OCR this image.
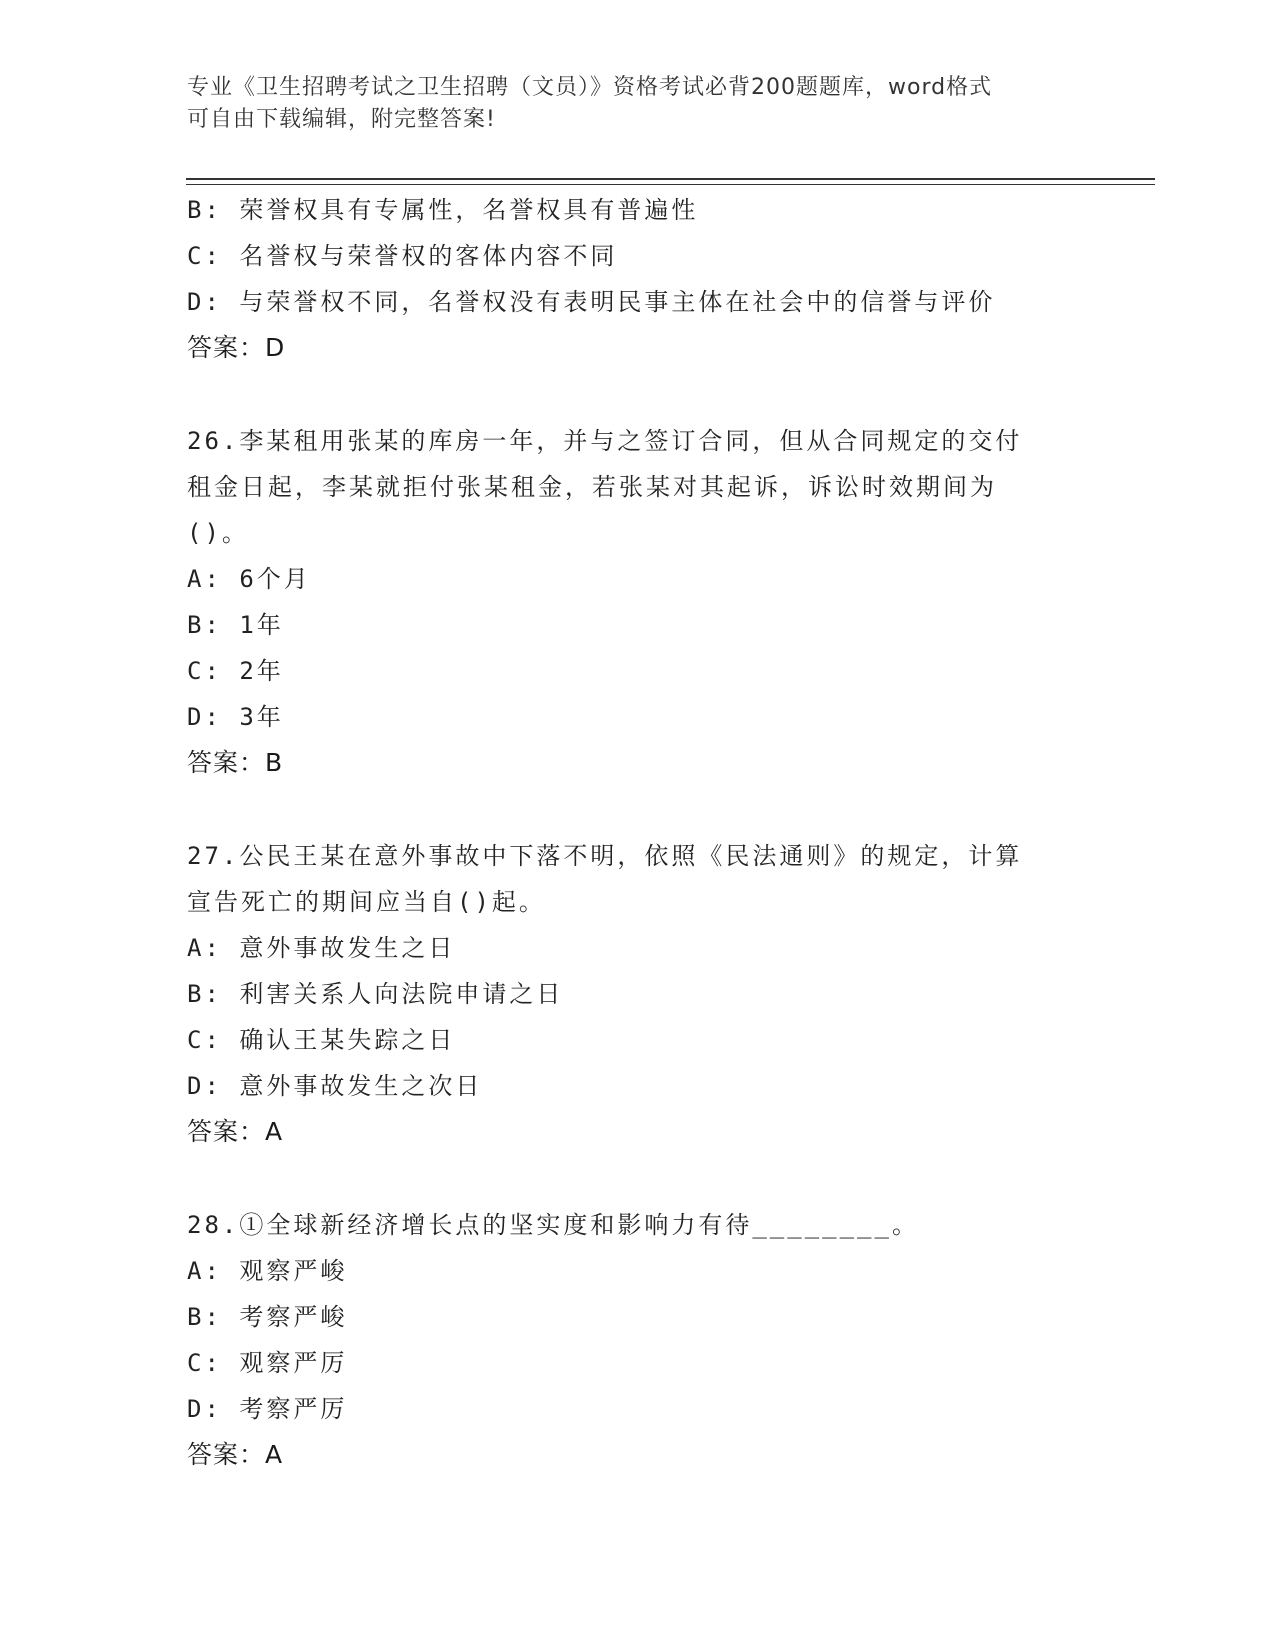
专业《卫生招聘考试之卫生招聘（文员）》资格考试必背200题题库，word格式
可自由下载编辑，附完整答案!
B: 荣誉权具有专属性，名誉权具有普遍性
C: 名誉权与荣誉权的客体内容不同
D: 与荣誉权不同，名誉权没有表明民事主体在社会中的信誉与评价
答案：D
26.李某租用张某的库房一年，并与之签订合同，但从合同规定的交付
租金日起，李某就拒付张某租金，若张某对其起诉，诉讼时效期间为
()。
A: 6个月
B: 1年
C: 2年
D: 3年
答案：B
27.公民王某在意外事故中下落不明，依照《民法通则》的规定，计算
宣告死亡的期间应当自()起。
A: 意外事故发生之日
B: 利害关系人向法院申请之日
C: 确认王某失踪之日
D: 意外事故发生之次日
答案：A
28.①全球新经济增长点的坚实度和影响力有待________。
A: 观察严峻
B: 考察严峻
C: 观察严厉
D: 考察严厉
答案：A
